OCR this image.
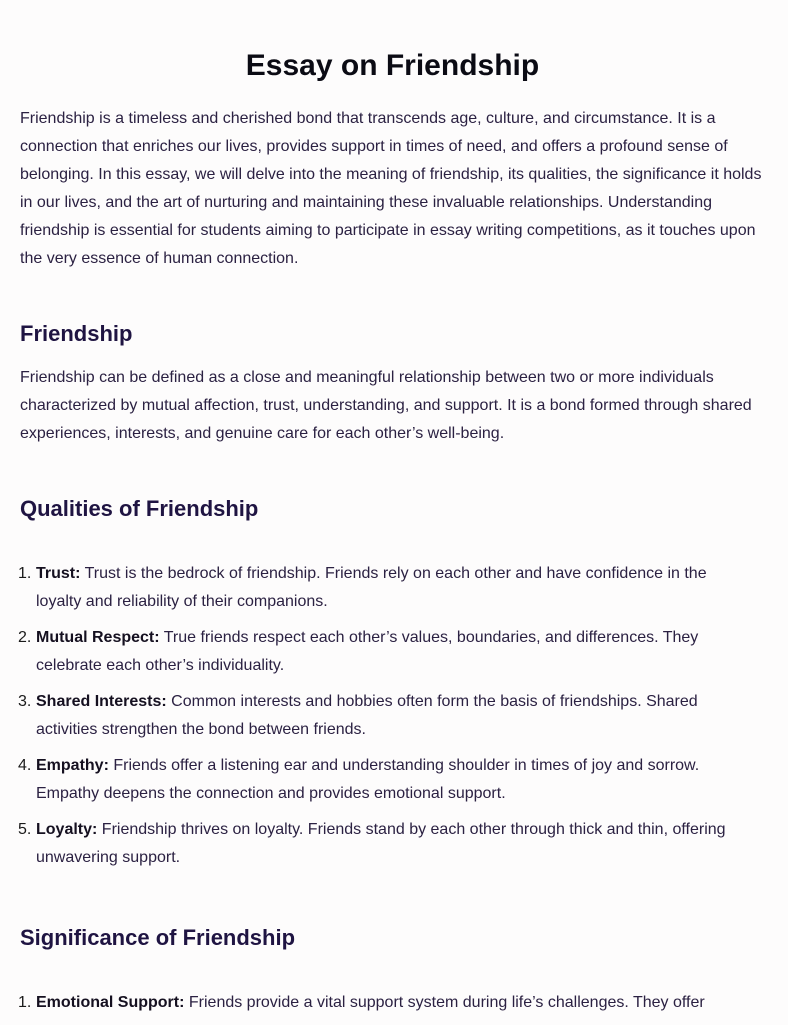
Essay on Friendship

Friendship is a timeless and cherished bond that transcends age, culture, and circumstance. It is a connection that enriches our lives, provides support in times of need, and offers a profound sense of belonging. In this essay, we will delve into the meaning of friendship, its qualities, the significance it holds in our lives, and the art of nurturing and maintaining these invaluable relationships. Understanding friendship is essential for students aiming to participate in essay writing competitions, as it touches upon the very essence of human connection.

Friendship

Friendship can be defined as a close and meaningful relationship between two or more individuals characterized by mutual affection, trust, understanding, and support. It is a bond formed through shared experiences, interests, and genuine care for each other’s well-being.

Qualities of Friendship
1. Trust: Trust is the bedrock of friendship. Friends rely on each other and have confidence in the loyalty and reliability of their companions.
2. Mutual Respect: True friends respect each other’s values, boundaries, and differences. They celebrate each other’s individuality.
3. Shared Interests: Common interests and hobbies often form the basis of friendships. Shared activities strengthen the bond between friends.
4. Empathy: Friends offer a listening ear and understanding shoulder in times of joy and sorrow. Empathy deepens the connection and provides emotional support.
5. Loyalty: Friendship thrives on loyalty. Friends stand by each other through thick and thin, offering unwavering support.
Significance of Friendship
1. Emotional Support: Friends provide a vital support system during life’s challenges. They offer
